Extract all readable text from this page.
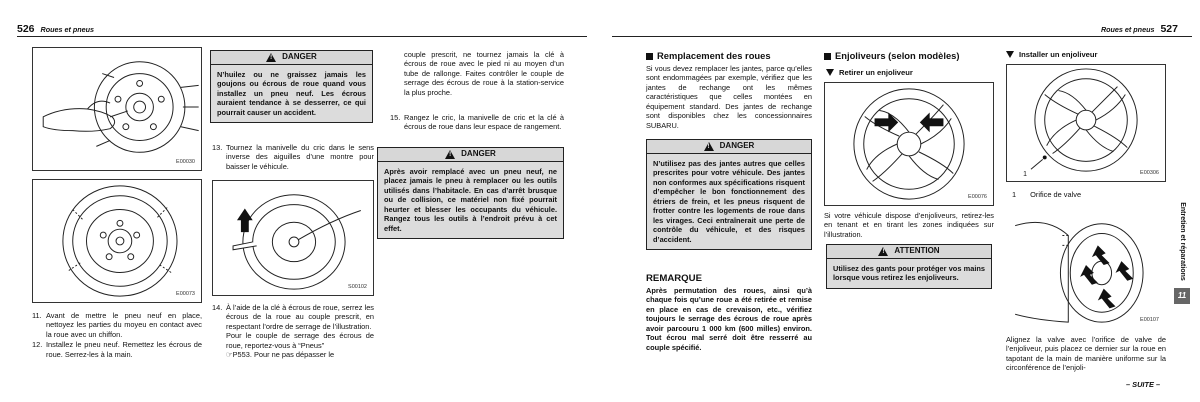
526 Roues et pneus
E00030
E00073
11. Avant de mettre le pneu neuf en place, nettoyez les parties du moyeu en contact avec la roue avec un chiffon.
12. Installez le pneu neuf. Remettez les écrous de roue. Serrez-les à la main.
! DANGER
N’huilez ou ne graissez jamais les goujons ou écrous de roue quand vous installez un pneu neuf. Les écrous auraient tendance à se desserrer, ce qui pourrait causer un accident.
13. Tournez la manivelle du cric dans le sens inverse des aiguilles d’une montre pour baisser le véhicule.
S00102
14. À l’aide de la clé à écrous de roue, serrez les écrous de la roue au couple prescrit, en respectant l’ordre de serrage de l’illustration.
Pour le couple de serrage des écrous de roue, reportez-vous à “Pneus”
☞P553. Pour ne pas dépasser le
couple prescrit, ne tournez jamais la clé à écrous de roue avec le pied ni au moyen d’un tube de rallonge. Faites contrôler le couple de serrage des écrous de roue à la station-service la plus proche.
15. Rangez le cric, la manivelle de cric et la clé à écrous de roue dans leur espace de rangement.
! DANGER
Après avoir remplacé avec un pneu neuf, ne placez jamais le pneu à remplacer ou les outils utilisés dans l’habitacle. En cas d’arrêt brusque ou de collision, ce matériel non fixé pourrait heurter et blesser les occupants du véhicule. Rangez tous les outils à l’endroit prévu à cet effet.
Roues et pneus 527
Remplacement des roues
Si vous devez remplacer les jantes, parce qu’elles sont endommagées par exemple, vérifiez que les jantes de rechange ont les mêmes caractéristiques que celles montées en équipement standard. Des jantes de rechange sont disponibles chez les concessionnaires SUBARU.
! DANGER
N’utilisez pas des jantes autres que celles prescrites pour votre véhicule. Des jantes non conformes aux spécifications risquent d’empêcher le bon fonctionnement des étriers de frein, et les pneus risquent de frotter contre les logements de roue dans les virages. Ceci entraînerait une perte de contrôle du véhicule, et des risques d’accident.
REMARQUE
Après permutation des roues, ainsi qu’à chaque fois qu’une roue a été retirée et remise en place en cas de crevaison, etc., vérifiez toujours le serrage des écrous de roue après avoir parcouru 1 000 km (600 milles) environ. Tout écrou mal serré doit être resserré au couple spécifié.
Enjoliveurs (selon modèles)
Retirer un enjoliveur
E00076
Si votre véhicule dispose d’enjoliveurs, retirez-les en tenant et en tirant les zones indiquées sur l’illustration.
! ATTENTION
Utilisez des gants pour protéger vos mains lorsque vous retirez les enjoliveurs.
Installer un enjoliveur
1	E00306
1 Orifice de valve
E00107
Alignez la valve avec l’orifice de valve de l’enjoliveur, puis placez ce dernier sur la roue en tapotant de la main de manière uniforme sur la circonférence de l’enjoli-
– SUITE –
Entretien et réparations
11
